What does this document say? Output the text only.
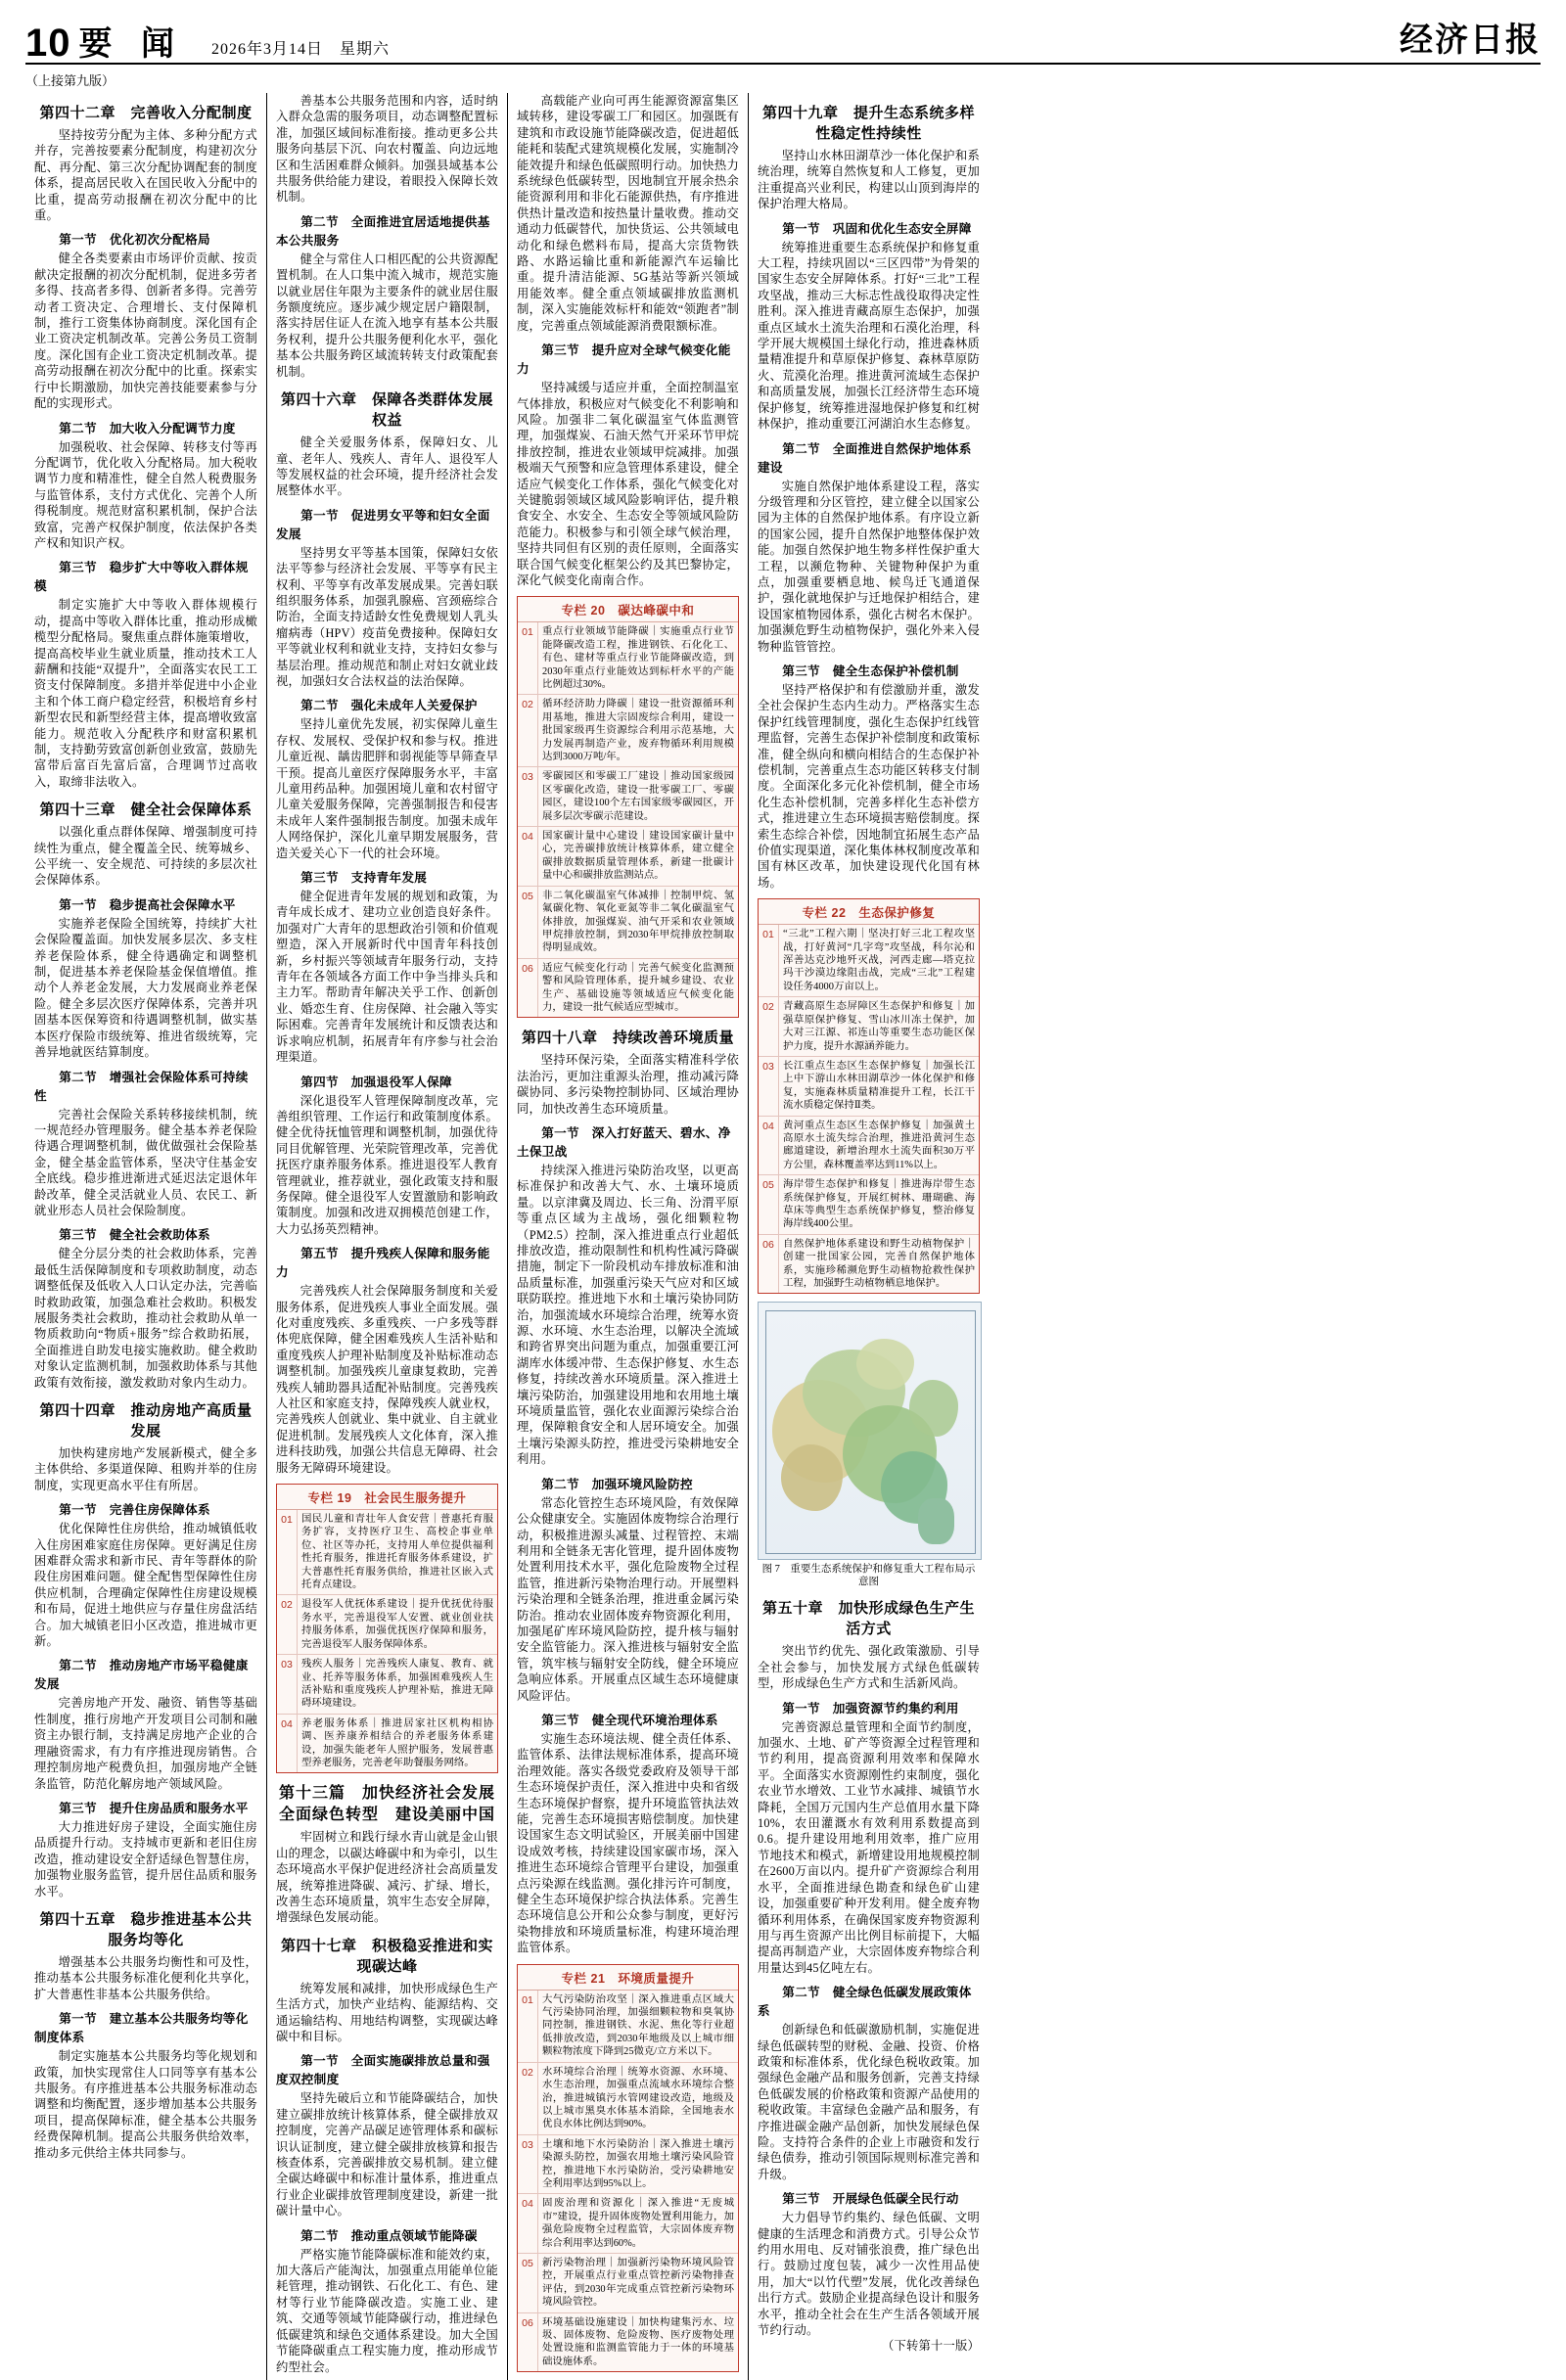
10 要 闻 2026年3月14日　星期六	经济日报
（上接第九版）
第四十二章　完善收入分配制度

坚持按劳分配为主体、多种分配方式并存，完善按要素分配制度，构建初次分配、再分配、第三次分配协调配套的制度体系，提高居民收入在国民收入分配中的比重，提高劳动报酬在初次分配中的比重。

第一节　优化初次分配格局

健全各类要素由市场评价贡献、按贡献决定报酬的初次分配机制，促进多劳者多得、技高者多得、创新者多得。完善劳动者工资决定、合理增长、支付保障机制，推行工资集体协商制度。深化国有企业工资决定机制改革。完善公务员工资制度。深化国有企业工资决定机制改革。提高劳动报酬在初次分配中的比重。探索实行中长期激励，加快完善技能要素参与分配的实现形式。

第二节　加大收入分配调节力度

加强税收、社会保障、转移支付等再分配调节，优化收入分配格局。加大税收调节力度和精准性，健全自然人税费服务与监管体系，支付方式优化、完善个人所得税制度。规范财富积累机制，保护合法致富，完善产权保护制度，依法保护各类产权和知识产权。

第三节　稳步扩大中等收入群体规模

制定实施扩大中等收入群体规模行动，提高中等收入群体比重，推动形成橄榄型分配格局。聚焦重点群体施策增收，提高高校毕业生就业质量，推动技术工人薪酬和技能“双提升”，全面落实农民工工资支付保障制度。多措并举促进中小企业主和个体工商户稳定经营，积极培育乡村新型农民和新型经营主体，提高增收致富能力。规范收入分配秩序和财富积累机制，支持勤劳致富创新创业致富，鼓励先富带后富百先富后富，合理调节过高收入，取缔非法收入。

第四十三章　健全社会保障体系

以强化重点群体保障、增强制度可持续性为重点，健全覆盖全民、统筹城乡、公平统一、安全规范、可持续的多层次社会保障体系。

第一节　稳步提高社会保障水平

实施养老保险全国统筹，持续扩大社会保险覆盖面。加快发展多层次、多支柱养老保险体系，健全待遇确定和调整机制，促进基本养老保险基金保值增值。推动个人养老金发展，大力发展商业养老保险。健全多层次医疗保障体系，完善并巩固基本医保筹资和待遇调整机制，做实基本医疗保险市级统筹、推进省级统筹，完善异地就医结算制度。

第二节　增强社会保险体系可持续性

完善社会保险关系转移接续机制，统一规范经办管理服务。健全基本养老保险待遇合理调整机制，做优做强社会保险基金，健全基金监管体系，坚决守住基金安全底线。稳步推进渐进式延迟法定退休年龄改革，健全灵活就业人员、农民工、新就业形态人员社会保险制度。

第三节　健全社会救助体系

健全分层分类的社会救助体系，完善最低生活保障制度和专项救助制度，动态调整低保及低收入人口认定办法，完善临时救助政策，加强急难社会救助。积极发展服务类社会救助，推动社会救助从单一物质救助向“物质+服务”综合救助拓展，全面推进自助发电接实施救助。健全救助对象认定监测机制，加强救助体系与其他政策有效衔接，激发救助对象内生动力。

第四十四章　推动房地产高质量发展

加快构建房地产发展新模式，健全多主体供给、多渠道保障、租购并举的住房制度，实现更高水平住有所居。

第一节　完善住房保障体系

优化保障性住房供给，推动城镇低收入住房困难家庭住房保障。更好满足住房困难群众需求和新市民、青年等群体的阶段住房困难问题。健全配售型保障性住房供应机制，合理确定保障性住房建设规模和布局，促进土地供应与存量住房盘活结合。加大城镇老旧小区改造，推进城市更新。

第二节　推动房地产市场平稳健康发展

完善房地产开发、融资、销售等基础性制度，推行房地产开发项目公司制和融资主办银行制，支持满足房地产企业的合理融资需求，有力有序推进现房销售。合理控制房地产税费负担，加强房地产全链条监管，防范化解房地产领域风险。

第三节　提升住房品质和服务水平

大力推进好房子建设，全面实施住房品质提升行动。支持城市更新和老旧住房改造，推动建设安全舒适绿色智慧住房，加强物业服务监管，提升居住品质和服务水平。

第四十五章　稳步推进基本公共服务均等化

增强基本公共服务均衡性和可及性，推动基本公共服务标准化便利化共享化，扩大普惠性非基本公共服务供给。

第一节　建立基本公共服务均等化制度体系

制定实施基本公共服务均等化规划和政策，加快实现常住人口同等享有基本公共服务。有序推进基本公共服务标准动态调整和均衡配置，逐步增加基本公共服务项目，提高保障标准，健全基本公共服务经费保障机制。提高公共服务供给效率，推动多元供给主体共同参与。

善基本公共服务范围和内容，适时纳入群众急需的服务项目，动态调整配置标准，加强区域间标准衔接。推动更多公共服务向基层下沉、向农村覆盖、向边远地区和生活困难群众倾斜。加强县域基本公共服务供给能力建设，着眼投入保障长效机制。

第二节　全面推进宜居适地提供基本公共服务

健全与常住人口相匹配的公共资源配置机制。在人口集中流入城市，规范实施以就业居住年限为主要条件的就业居住服务额度统应。逐步减少规定居户籍限制，落实持居住证人在流入地享有基本公共服务权利，提升公共服务便利化水平，强化基本公共服务跨区域流转转支付政策配套机制。

第四十六章　保障各类群体发展权益

健全关爱服务体系，保障妇女、儿童、老年人、残疾人、青年人、退役军人等发展权益的社会环境，提升经济社会发展整体水平。

第一节　促进男女平等和妇女全面发展

坚持男女平等基本国策，保障妇女依法平等参与经济社会发展、平等享有民主权利、平等享有改革发展成果。完善妇联组织服务体系，加强乳腺癌、宫颈癌综合防治，全面支持适龄女性免费规划人乳头瘤病毒（HPV）疫苗免费接种。保障妇女平等就业权利和就业支持，支持妇女参与基层治理。推动规范和制止对妇女就业歧视，加强妇女合法权益的法治保障。

第二节　强化未成年人关爱保护

坚持儿童优先发展，初实保障儿童生存权、发展权、受保护权和参与权。推进儿童近视、龋齿肥胖和弱视能等早筛查早干预。提高儿童医疗保障服务水平，丰富儿童用药品种。加强困境儿童和农村留守儿童关爱服务保障，完善强制报告和侵害未成年人案件强制报告制度。加强未成年人网络保护，深化儿童早期发展服务，营造关爱关心下一代的社会环境。

第三节　支持青年发展

健全促进青年发展的规划和政策，为青年成长成才、建功立业创造良好条件。加强对广大青年的思想政治引领和价值观塑造，深入开展新时代中国青年科技创新，乡村振兴等领域青年服务行动，支持青年在各领域各方面工作中争当排头兵和主力军。帮助青年解决关乎工作、创新创业、婚恋生育、住房保障、社会融入等实际困难。完善青年发展统计和反馈表达和诉求响应机制，拓展青年有序参与社会治理渠道。

第四节　加强退役军人保障

深化退役军人管理保障制度改革，完善组织管理、工作运行和政策制度体系。健全优待抚恤管理和调整机制，加强优待同目优解管理、光荣院管理改革，完善优抚医疗康养服务体系。推进退役军人教育管理就业，推荐就业，强化政策支持和服务保障。健全退役军人安置激励和影响政策制度。加强和改进双拥模范创建工作，大力弘扬英烈精神。

第五节　提升残疾人保障和服务能力

完善残疾人社会保障服务制度和关爱服务体系，促进残疾人事业全面发展。强化对重度残疾、多重残疾、一户多残等群体兜底保障，健全困难残疾人生活补贴和重度残疾人护理补贴制度及补贴标准动态调整机制。加强残疾儿童康复救助，完善残疾人辅助器具适配补贴制度。完善残疾人社区和家庭支持，保障残疾人就业权，完善残疾人创就业、集中就业、自主就业促进机制。发展残疾人文化体育，深入推进科技助残，加强公共信息无障碍、社会服务无障碍环境建设。

专栏 19　社会民生服务提升
01 国民儿童和青壮年人食安营｜普惠托育服务扩容，支持医疗卫生、高校企事业单位、社区等办托，支持用人单位提供福利性托育服务，推进托育服务体系建设，扩大普惠性托育服务供给，推进社区嵌入式托育点建设。
02 退役军人优抚体系建设｜提升优抚优待服务水平，完善退役军人安置、就业创业扶持服务体系，加强优抚医疗保障和服务，完善退役军人服务保障体系。
03 残疾人服务｜完善残疾人康复、教育、就业、托养等服务体系，加强困难残疾人生活补贴和重度残疾人护理补贴，推进无障碍环境建设。
04 养老服务体系｜推进居家社区机构相协调、医养康养相结合的养老服务体系建设，加强失能老年人照护服务，发展普惠型养老服务，完善老年助餐服务网络。
第十三篇　加快经济社会发展全面绿色转型　建设美丽中国

牢固树立和践行绿水青山就是金山银山的理念，以碳达峰碳中和为牵引，以生态环境高水平保护促进经济社会高质量发展，统筹推进降碳、减污、扩绿、增长，改善生态环境质量，筑牢生态安全屏障，增强绿色发展动能。

第四十七章　积极稳妥推进和实现碳达峰

统筹发展和减排，加快形成绿色生产生活方式，加快产业结构、能源结构、交通运输结构、用地结构调整，实现碳达峰碳中和目标。

第一节　全面实施碳排放总量和强度双控制度

坚持先破后立和节能降碳结合，加快建立碳排放统计核算体系，健全碳排放双控制度，完善产品碳足迹管理体系和碳标识认证制度，建立健全碳排放核算和报告核查体系，完善碳排放交易机制。建立健全碳达峰碳中和标准计量体系，推进重点行业企业碳排放管理制度建设，新建一批碳计量中心。

第二节　推动重点领域节能降碳

严格实施节能降碳标准和能效约束，加大落后产能淘汰，加强重点用能单位能耗管理，推动钢铁、石化化工、有色、建材等行业节能降碳改造。实施工业、建筑、交通等领域节能降碳行动，推进绿色低碳建筑和绿色交通体系建设。加大全国节能降碳重点工程实施力度，推动形成节约型社会。

高载能产业向可再生能源资源富集区域转移，建设零碳工厂和园区。加强既有建筑和市政设施节能降碳改造，促进超低能耗和装配式建筑规模化发展，实施制冷能效提升和绿色低碳照明行动。加快热力系统绿色低碳转型，因地制宜开展余热余能资源利用和非化石能源供热，有序推进供热计量改造和按热量计量收费。推动交通动力低碳替代，加快货运、公共领域电动化和绿色燃料布局，提高大宗货物铁路、水路运输比重和新能源汽车运输比重。提升清洁能源、5G基站等新兴领域用能效率。健全重点领域碳排放监测机制，深入实施能效标杆和能效“领跑者”制度，完善重点领域能源消费限额标准。

第三节　提升应对全球气候变化能力

坚持减缓与适应并重，全面控制温室气体排放，积极应对气候变化不利影响和风险。加强非二氧化碳温室气体监测管理，加强煤炭、石油天然气开采环节甲烷排放控制，推进农业领域甲烷减排。加强极端天气预警和应急管理体系建设，健全适应气候变化工作体系，强化气候变化对关键脆弱领域区域风险影响评估，提升粮食安全、水安全、生态安全等领域风险防范能力。积极参与和引领全球气候治理，坚持共同但有区别的责任原则，全面落实联合国气候变化框架公约及其巴黎协定，深化气候变化南南合作。

专栏 20　碳达峰碳中和
01 重点行业领域节能降碳｜实施重点行业节能降碳改造工程，推进钢铁、石化化工、有色、建材等重点行业节能降碳改造，到2030年重点行业能效达到标杆水平的产能比例超过30%。
02 循环经济助力降碳｜建设一批资源循环利用基地，推进大宗固废综合利用，建设一批国家级再生资源综合利用示范基地，大力发展再制造产业，废弃物循环利用规模达到3000万吨/年。
03 零碳园区和零碳工厂建设｜推动国家级园区零碳化改造，建设一批零碳工厂、零碳园区，建设100个左右国家级零碳园区，开展多层次零碳示范建设。
04 国家碳计量中心建设｜建设国家碳计量中心，完善碳排放统计核算体系，建立健全碳排放数据质量管理体系，新建一批碳计量中心和碳排放监测站点。
05 非二氧化碳温室气体减排｜控制甲烷、氢氟碳化物、氧化亚氮等非二氧化碳温室气体排放，加强煤炭、油气开采和农业领域甲烷排放控制，到2030年甲烷排放控制取得明显成效。
06 适应气候变化行动｜完善气候变化监测预警和风险管理体系，提升城乡建设、农业生产、基础设施等领域适应气候变化能力，建设一批气候适应型城市。
第四十八章　持续改善环境质量

坚持环保污染，全面落实精准科学依法治污，更加注重源头治理，推动减污降碳协同、多污染物控制协同、区域治理协同，加快改善生态环境质量。

第一节　深入打好蓝天、碧水、净土保卫战

持续深入推进污染防治攻坚，以更高标准保护和改善大气、水、土壤环境质量。以京津冀及周边、长三角、汾渭平原等重点区域为主战场，强化细颗粒物（PM2.5）控制，深入推进重点行业超低排放改造，推动限制性和机构性减污降碳措施，制定下一阶段机动车排放标准和油品质量标准，加强重污染天气应对和区域联防联控。推进地下水和土壤污染协同防治，加强流域水环境综合治理，统筹水资源、水环境、水生态治理，以解决全流域和跨省界突出问题为重点，加强重要江河湖库水体缓冲带、生态保护修复、水生态修复，持续改善水环境质量。深入推进土壤污染防治，加强建设用地和农用地土壤环境质量监管，强化农业面源污染综合治理，保障粮食安全和人居环境安全。加强土壤污染源头防控，推进受污染耕地安全利用。

第二节　加强环境风险防控

常态化管控生态环境风险，有效保障公众健康安全。实施固体废物综合治理行动，积极推进源头减量、过程管控、末端利用和全链条无害化管理，提升固体废物处置利用技术水平，强化危险废物全过程监管，推进新污染物治理行动。开展塑料污染治理和全链条治理，推进重金属污染防治。推动农业固体废弃物资源化利用，加强尾矿库环境风险防控，提升核与辐射安全监管能力。深入推进核与辐射安全监管，筑牢核与辐射安全防线，健全环境应急响应体系。开展重点区域生态环境健康风险评估。

第三节　健全现代环境治理体系

实施生态环境法规、健全责任体系、监管体系、法律法规标准体系，提高环境治理效能。落实各级党委政府及领导干部生态环境保护责任，深入推进中央和省级生态环境保护督察，提升环境监管执法效能，完善生态环境损害赔偿制度。加快建设国家生态文明试验区，开展美丽中国建设成效考核，持续建设国家碳市场，深入推进生态环境综合管理平台建设，加强重点污染源在线监测。强化排污许可制度，健全生态环境保护综合执法体系。完善生态环境信息公开和公众参与制度，更好污染物排放和环境质量标准，构建环境治理监管体系。

专栏 21　环境质量提升
01 大气污染防治攻坚｜深入推进重点区域大气污染协同治理，加强细颗粒物和臭氧协同控制，推进钢铁、水泥、焦化等行业超低排放改造，到2030年地级及以上城市细颗粒物浓度下降到25微克/立方米以下。
02 水环境综合治理｜统筹水资源、水环境、水生态治理，加强重点流域水环境综合整治，推进城镇污水管网建设改造，地级及以上城市黑臭水体基本消除，全国地表水优良水体比例达到90%。
03 土壤和地下水污染防治｜深入推进土壤污染源头防控，加强农用地土壤污染风险管控，推进地下水污染防治，受污染耕地安全利用率达到95%以上。
04 固废治理和资源化｜深入推进“无废城市”建设，提升固体废物处置利用能力，加强危险废物全过程监管，大宗固体废弃物综合利用率达到60%。
05 新污染物治理｜加强新污染物环境风险管控，开展重点行业重点管控新污染物排查评估，到2030年完成重点管控新污染物环境风险管控。
06 环境基础设施建设｜加快构建集污水、垃圾、固体废物、危险废物、医疗废物处理处置设施和监测监管能力于一体的环境基础设施体系。
第四十九章　提升生态系统多样性稳定性持续性

坚持山水林田湖草沙一体化保护和系统治理，统筹自然恢复和人工修复，更加注重提高兴业利民，构建以山顶到海岸的保护治理大格局。

第一节　巩固和优化生态安全屏障

统筹推进重要生态系统保护和修复重大工程，持续巩固以“三区四带”为骨架的国家生态安全屏障体系。打好“三北”工程攻坚战，推动三大标志性战役取得决定性胜利。深入推进青藏高原生态保护，加强重点区域水土流失治理和石漠化治理，科学开展大规模国土绿化行动，推进森林质量精准提升和草原保护修复、森林草原防火、荒漠化治理。推进黄河流域生态保护和高质量发展，加强长江经济带生态环境保护修复，统筹推进湿地保护修复和红树林保护，推动重要江河湖泊水生态修复。

第二节　全面推进自然保护地体系建设

实施自然保护地体系建设工程，落实分级管理和分区管控，建立健全以国家公园为主体的自然保护地体系。有序设立新的国家公园，提升自然保护地整体保护效能。加强自然保护地生物多样性保护重大工程，以濒危物种、关键物种保护为重点，加强重要栖息地、候鸟迁飞通道保护，强化就地保护与迁地保护相结合，建设国家植物园体系，强化古树名木保护。加强濒危野生动植物保护，强化外来入侵物种监管管控。

第三节　健全生态保护补偿机制

坚持严格保护和有偿激励并重，激发全社会保护生态内生动力。严格落实生态保护红线管理制度，强化生态保护红线管理监督，完善生态保护补偿制度和政策标准，健全纵向和横向相结合的生态保护补偿机制，完善重点生态功能区转移支付制度。全面深化多元化补偿机制，健全市场化生态补偿机制，完善多样化生态补偿方式，推进建立生态环境损害赔偿制度。探索生态综合补偿，因地制宜拓展生态产品价值实现渠道，深化集体林权制度改革和国有林区改革，加快建设现代化国有林场。

专栏 22　生态保护修复
01 “三北”工程六期｜坚决打好三北工程攻坚战，打好黄河“几字弯”攻坚战，科尔沁和浑善达克沙地歼灭战，河西走廊—塔克拉玛干沙漠边缘阻击战，完成“三北”工程建设任务4000万亩以上。
02 青藏高原生态屏障区生态保护和修复｜加强草原保护修复、雪山冰川冻土保护，加大对三江源、祁连山等重要生态功能区保护力度，提升水源涵养能力。
03 长江重点生态区生态保护修复｜加强长江上中下游山水林田湖草沙一体化保护和修复，实施森林质量精准提升工程，长江干流水质稳定保持Ⅱ类。
04 黄河重点生态区生态保护修复｜加强黄土高原水土流失综合治理，推进沿黄河生态廊道建设，新增治理水土流失面积30万平方公里，森林覆盖率达到11%以上。
05 海岸带生态保护和修复｜推进海岸带生态系统保护修复，开展红树林、珊瑚礁、海草床等典型生态系统保护修复，整治修复海岸线400公里。
06 自然保护地体系建设和野生动植物保护｜创建一批国家公园，完善自然保护地体系，实施珍稀濒危野生动植物抢救性保护工程，加强野生动植物栖息地保护。
图 7　重要生态系统保护和修复重大工程布局示意图
第五十章　加快形成绿色生产生活方式

突出节约优先、强化政策激励、引导全社会参与，加快发展方式绿色低碳转型，形成绿色生产方式和生活新风尚。

第一节　加强资源节约集约利用

完善资源总量管理和全面节约制度，加强水、土地、矿产等资源全过程管理和节约利用，提高资源利用效率和保障水平。全面落实水资源刚性约束制度，强化农业节水增效、工业节水减排、城镇节水降耗，全国万元国内生产总值用水量下降10%，农田灌溉水有效利用系数提高到0.6。提升建设用地利用效率，推广应用节地技术和模式，新增建设用地规模控制在2600万亩以内。提升矿产资源综合利用水平，全面推进绿色勘查和绿色矿山建设，加强重要矿种开发利用。健全废弃物循环利用体系，在确保国家废弃物资源利用与再生资源产出比例目标前提下，大幅提高再制造产业，大宗固体废弃物综合利用量达到45亿吨左右。

第二节　健全绿色低碳发展政策体系

创新绿色和低碳激励机制，实施促进绿色低碳转型的财税、金融、投资、价格政策和标准体系，优化绿色税收政策。加强绿色金融产品和服务创新，完善支持绿色低碳发展的价格政策和资源产品使用的税收政策。丰富绿色金融产品和服务，有序推进碳金融产品创新，加快发展绿色保险。支持符合条件的企业上市融资和发行绿色债券，推动引领国际规则标准完善和升级。

第三节　开展绿色低碳全民行动

大力倡导节约集约、绿色低碳、文明健康的生活理念和消费方式。引导公众节约用水用电、反对铺张浪费，推广绿色出行。鼓励过度包装，减少一次性用品使用，加大“以竹代塑”发展，优化改善绿色出行方式。鼓励企业提高绿色设计和服务水平，推动全社会在生产生活各领域开展节约行动。

（下转第十一版）
